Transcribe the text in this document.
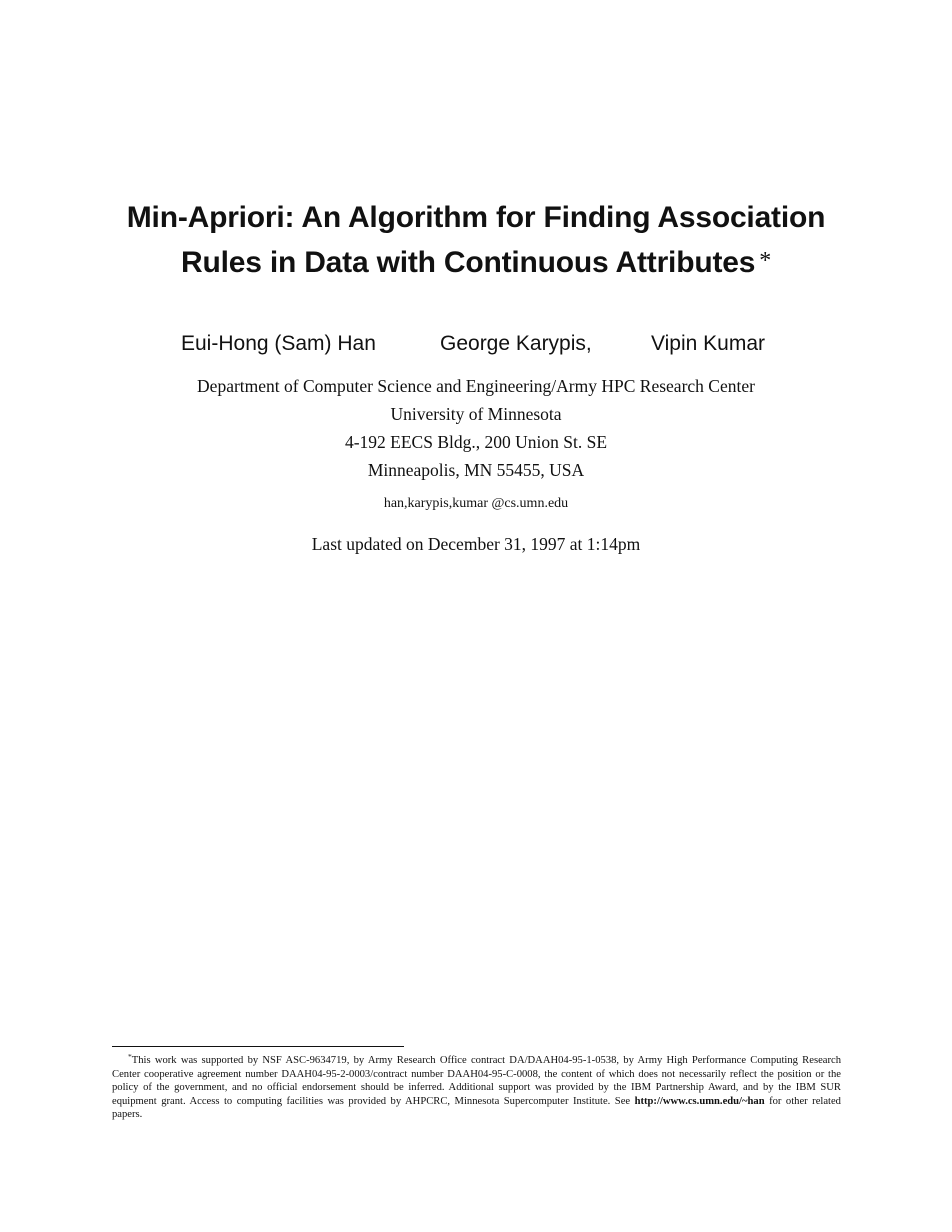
Min-Apriori: An Algorithm for Finding Association
Rules in Data with Continuous Attributes *
Eui-Hong (Sam) Han	George Karypis,	Vipin Kumar
Department of Computer Science and Engineering/Army HPC Research Center
University of Minnesota
4-192 EECS Bldg., 200 Union St. SE
Minneapolis, MN 55455, USA
han,karypis,kumar @cs.umn.edu
Last updated on December 31, 1997 at 1:14pm
*This work was supported by NSF ASC-9634719, by Army Research Office contract DA/DAAH04-95-1-0538, by Army High Performance Computing Research Center cooperative agreement number DAAH04-95-2-0003/contract number DAAH04-95-C-0008, the content of which does not necessarily reflect the position or the policy of the government, and no official endorsement should be inferred. Additional support was provided by the IBM Partnership Award, and by the IBM SUR equipment grant. Access to computing facilities was provided by AHPCRC, Minnesota Supercomputer Institute. See http://www.cs.umn.edu/~han for other related papers.
